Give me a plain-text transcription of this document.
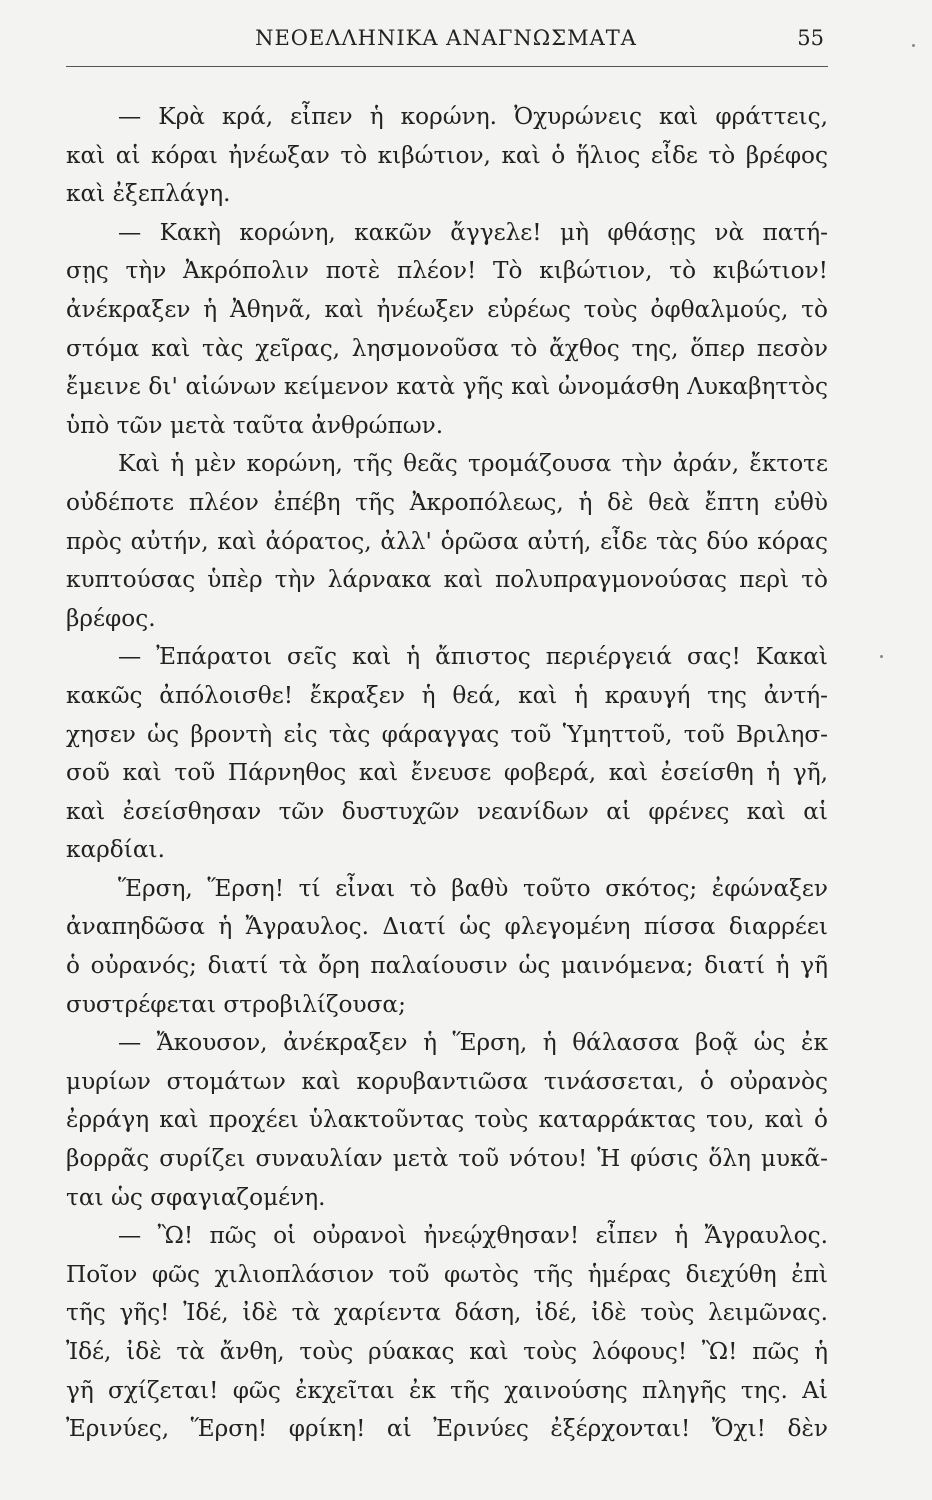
ΝΕΟΕΛΛΗΝΙΚΑ ΑΝΑΓΝΩΣΜΑΤΑ	55
— Κρὰ κρά, εἶπεν ἡ κορώνη. Ὀχυρώνεις καὶ φράττεις,
καὶ αἱ κόραι ἠνέωξαν τὸ κιβώτιον, καὶ ὁ ἥλιος εἶδε τὸ βρέφος
καὶ ἐξεπλάγη.
— Κακὴ κορώνη, κακῶν ἄγγελε! μὴ φθάσῃς νὰ πατή-
σῃς τὴν Ἀκρόπολιν ποτὲ πλέον! Τὸ κιβώτιον, τὸ κιβώτιον!
ἀνέκραξεν ἡ Ἀθηνᾶ, καὶ ἠνέωξεν εὐρέως τοὺς ὀφθαλμούς, τὸ
στόμα καὶ τὰς χεῖρας, λησμονοῦσα τὸ ἄχθος της, ὅπερ πεσὸν
ἔμεινε δι' αἰώνων κείμενον κατὰ γῆς καὶ ὠνομάσθη Λυκαβηττὸς
ὑπὸ τῶν μετὰ ταῦτα ἀνθρώπων.
Καὶ ἡ μὲν κορώνη, τῆς θεᾶς τρομάζουσα τὴν ἀράν, ἔκτοτε
οὐδέποτε πλέον ἐπέβη τῆς Ἀκροπόλεως, ἡ δὲ θεὰ ἔπτη εὐθὺ
πρὸς αὐτήν, καὶ ἀόρατος, ἀλλ' ὁρῶσα αὐτή, εἶδε τὰς δύο κόρας
κυπτούσας ὑπὲρ τὴν λάρνακα καὶ πολυπραγμονούσας περὶ τὸ
βρέφος.
— Ἐπάρατοι σεῖς καὶ ἡ ἄπιστος περιέργειά σας! Κακαὶ
κακῶς ἀπόλοισθε! ἔκραξεν ἡ θεά, καὶ ἡ κραυγή της ἀντή-
χησεν ὡς βροντὴ εἰς τὰς φάραγγας τοῦ Ὑμηττοῦ, τοῦ Βριλησ-
σοῦ καὶ τοῦ Πάρνηθος καὶ ἔνευσε φοβερά, καὶ ἐσείσθη ἡ γῆ,
καὶ ἐσείσθησαν τῶν δυστυχῶν νεανίδων αἱ φρένες καὶ αἱ
καρδίαι.
Ἕρση, Ἕρση! τί εἶναι τὸ βαθὺ τοῦτο σκότος; ἐφώναξεν
ἀναπηδῶσα ἡ Ἄγραυλος. Διατί ὡς φλεγομένη πίσσα διαρρέει
ὁ οὐρανός; διατί τὰ ὄρη παλαίουσιν ὡς μαινόμενα; διατί ἡ γῆ
συστρέφεται στροβιλίζουσα;
— Ἄκουσον, ἀνέκραξεν ἡ Ἕρση, ἡ θάλασσα βοᾷ ὡς ἐκ
μυρίων στομάτων καὶ κορυβαντιῶσα τινάσσεται, ὁ οὐρανὸς
ἐρράγη καὶ προχέει ὑλακτοῦντας τοὺς καταρράκτας του, καὶ ὁ
βορρᾶς συρίζει συναυλίαν μετὰ τοῦ νότου! Ἡ φύσις ὅλη μυκᾶ-
ται ὡς σφαγιαζομένη.
— Ὢ! πῶς οἱ οὐρανοὶ ἠνεῴχθησαν! εἶπεν ἡ Ἄγραυλος.
Ποῖον φῶς χιλιοπλάσιον τοῦ φωτὸς τῆς ἡμέρας διεχύθη ἐπὶ
τῆς γῆς! Ἰδέ, ἰδὲ τὰ χαρίεντα δάση, ἰδέ, ἰδὲ τοὺς λειμῶνας.
Ἰδέ, ἰδὲ τὰ ἄνθη, τοὺς ρύακας καὶ τοὺς λόφους! Ὢ! πῶς ἡ
γῆ σχίζεται! φῶς ἐκχεῖται ἐκ τῆς χαινούσης πληγῆς της. Αἱ
Ἐρινύες, Ἕρση! φρίκη! αἱ Ἐρινύες ἐξέρχονται! Ὄχι! δὲν
